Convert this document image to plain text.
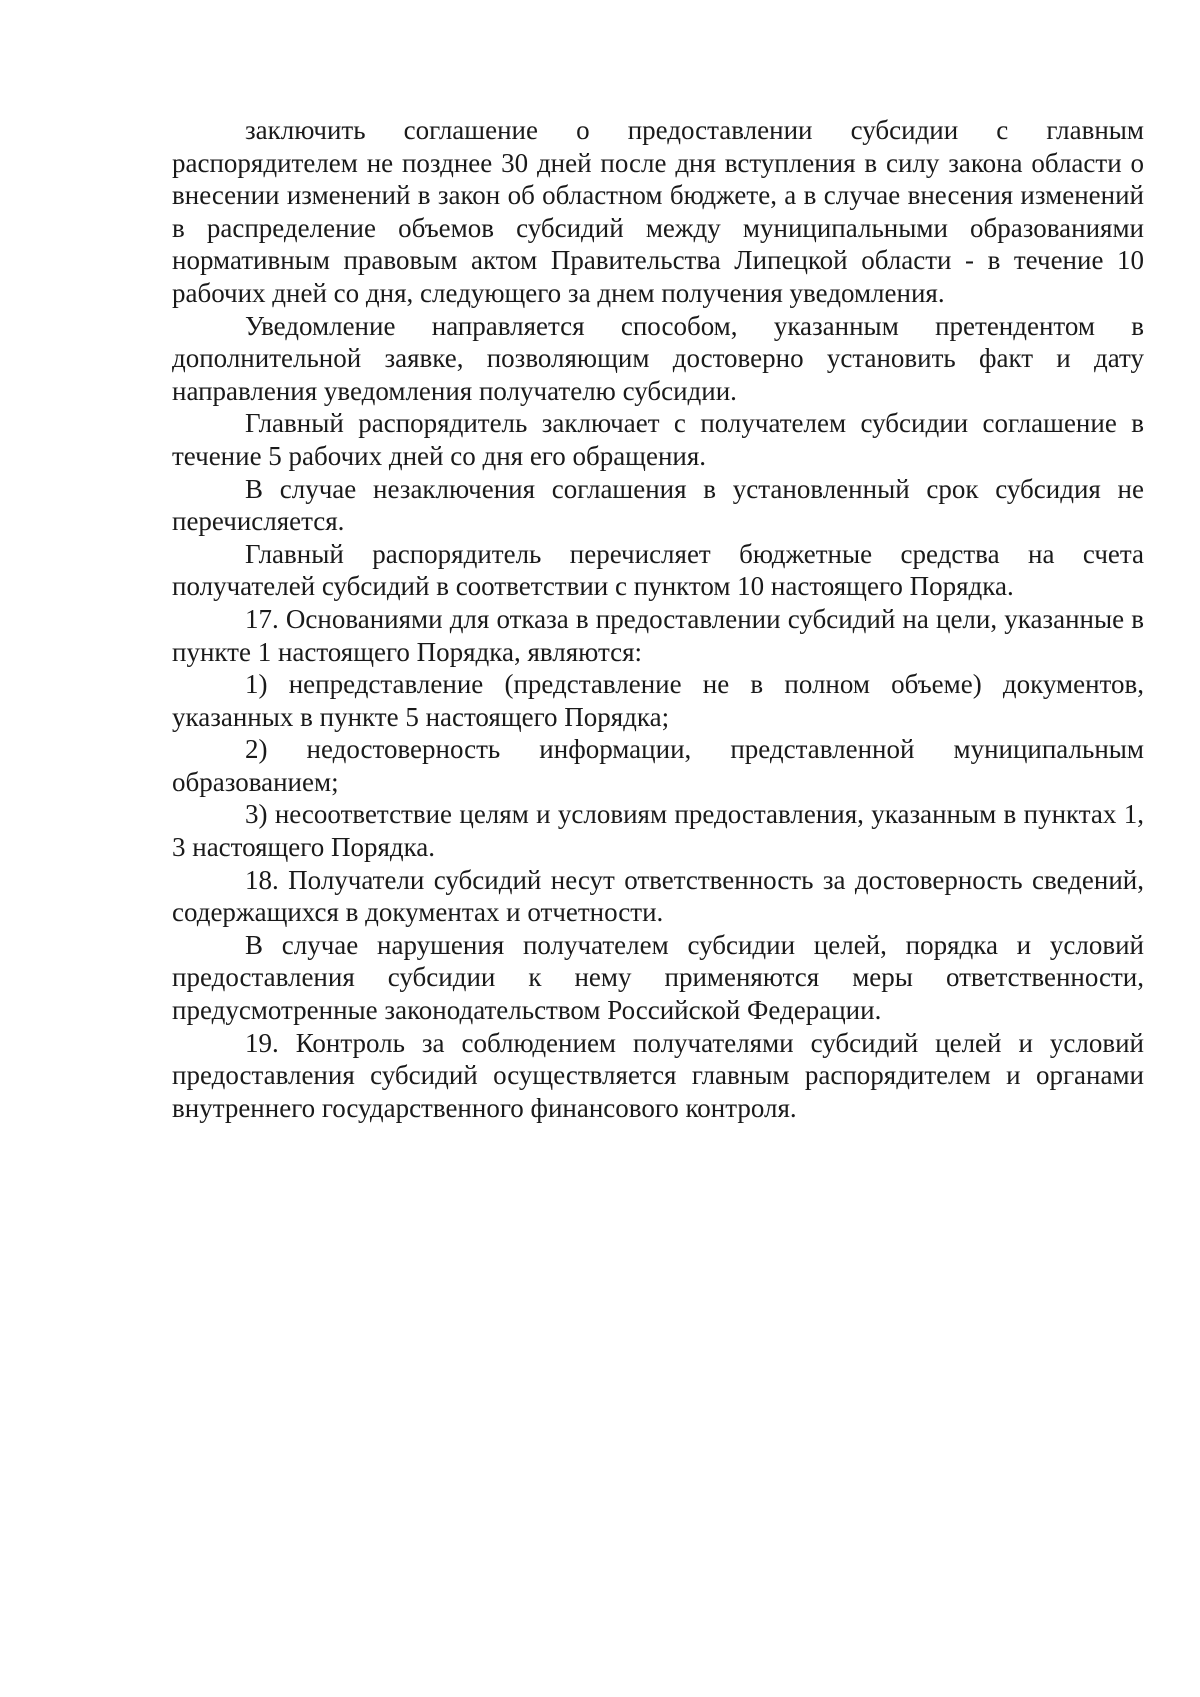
заключить соглашение о предоставлении субсидии с главным распорядителем не позднее 30 дней после дня вступления в силу закона области о внесении изменений в закон об областном бюджете, а в случае внесения изменений в распределение объемов субсидий между муниципальными образованиями нормативным правовым актом Правительства Липецкой области - в течение 10 рабочих дней со дня, следующего за днем получения уведомления.

Уведомление направляется способом, указанным претендентом в дополнительной заявке, позволяющим достоверно установить факт и дату направления уведомления получателю субсидии.

Главный распорядитель заключает с получателем субсидии соглашение в течение 5 рабочих дней со дня его обращения.

В случае незаключения соглашения в установленный срок субсидия не перечисляется.

Главный распорядитель перечисляет бюджетные средства на счета получателей субсидий в соответствии с пунктом 10 настоящего Порядка.

17. Основаниями для отказа в предоставлении субсидий на цели, указанные в пункте 1 настоящего Порядка, являются:

1) непредставление (представление не в полном объеме) документов, указанных в пункте 5 настоящего Порядка;

2) недостоверность информации, представленной муниципальным образованием;

3) несоответствие целям и условиям предоставления, указанным в пунктах 1, 3 настоящего Порядка.

18. Получатели субсидий несут ответственность за достоверность сведений, содержащихся в документах и отчетности.

В случае нарушения получателем субсидии целей, порядка и условий предоставления субсидии к нему применяются меры ответственности, предусмотренные законодательством Российской Федерации.

19. Контроль за соблюдением получателями субсидий целей и условий предоставления субсидий осуществляется главным распорядителем и органами внутреннего государственного финансового контроля.
